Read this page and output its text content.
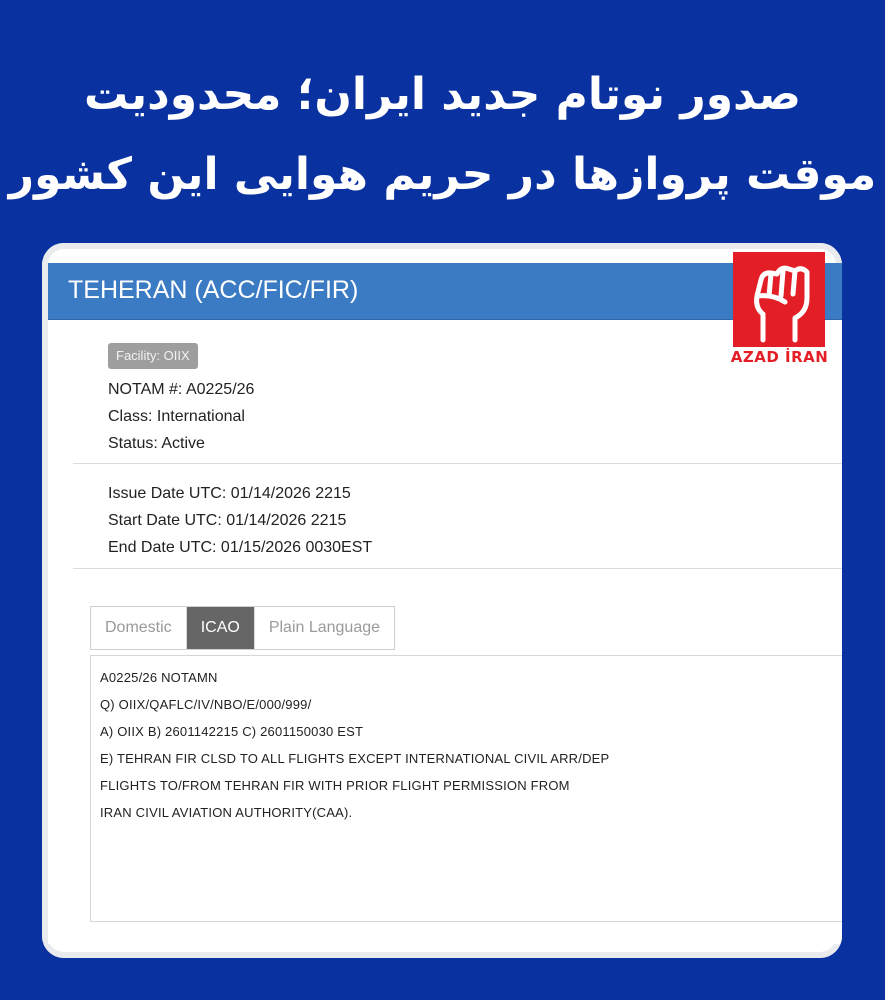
صدور نوتام جدید ایران؛ محدودیت
موقت پروازها در حریم هوایی این کشور
TEHERAN (ACC/FIC/FIR)
Facility: OIIX
NOTAM #: A0225/26
Class: International
Status: Active
Issue Date UTC: 01/14/2026 2215
Start Date UTC: 01/14/2026 2215
End Date UTC: 01/15/2026 0030EST
Domestic	ICAO	Plain Language
A0225/26 NOTAMN
Q) OIIX/QAFLC/IV/NBO/E/000/999/
A) OIIX B) 2601142215 C) 2601150030 EST
E) TEHRAN FIR CLSD TO ALL FLIGHTS EXCEPT INTERNATIONAL CIVIL ARR/DEP
FLIGHTS TO/FROM TEHRAN FIR WITH PRIOR FLIGHT PERMISSION FROM
IRAN CIVIL AVIATION AUTHORITY(CAA).
AZAD İRAN
